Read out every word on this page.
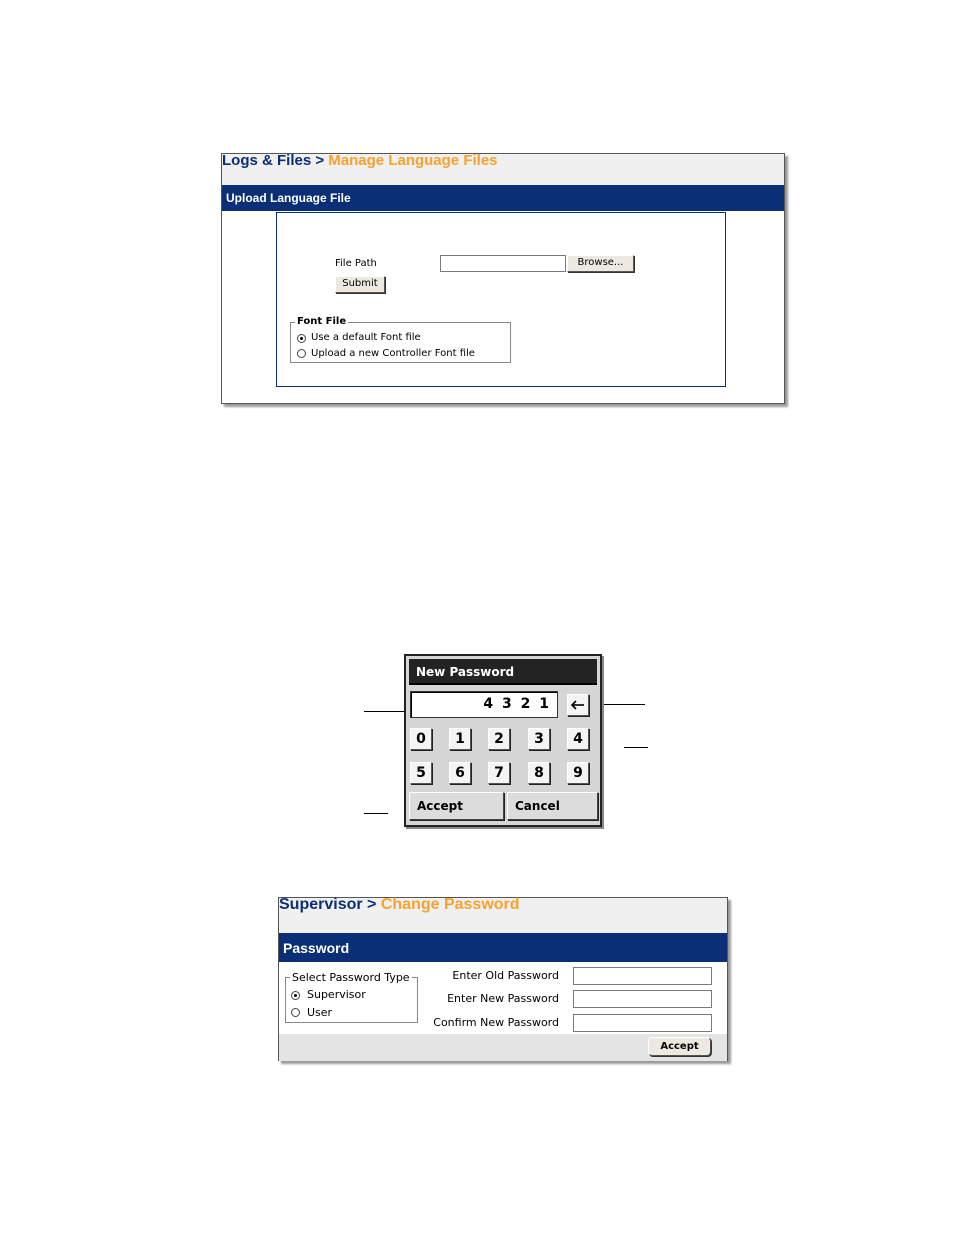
Logs & Files > Manage Language Files
Upload Language File
File Path	Browse...
Submit
Font File
Use a default Font file
Upload a new Controller Font file
New Password
4 3 2 1
0	1	2	3	4
5	6	7	8	9
Accept	Cancel
Supervisor > Change Password
Password
Select Password Type
Supervisor
User
Enter Old Password
Enter New Password
Confirm New Password
Accept
